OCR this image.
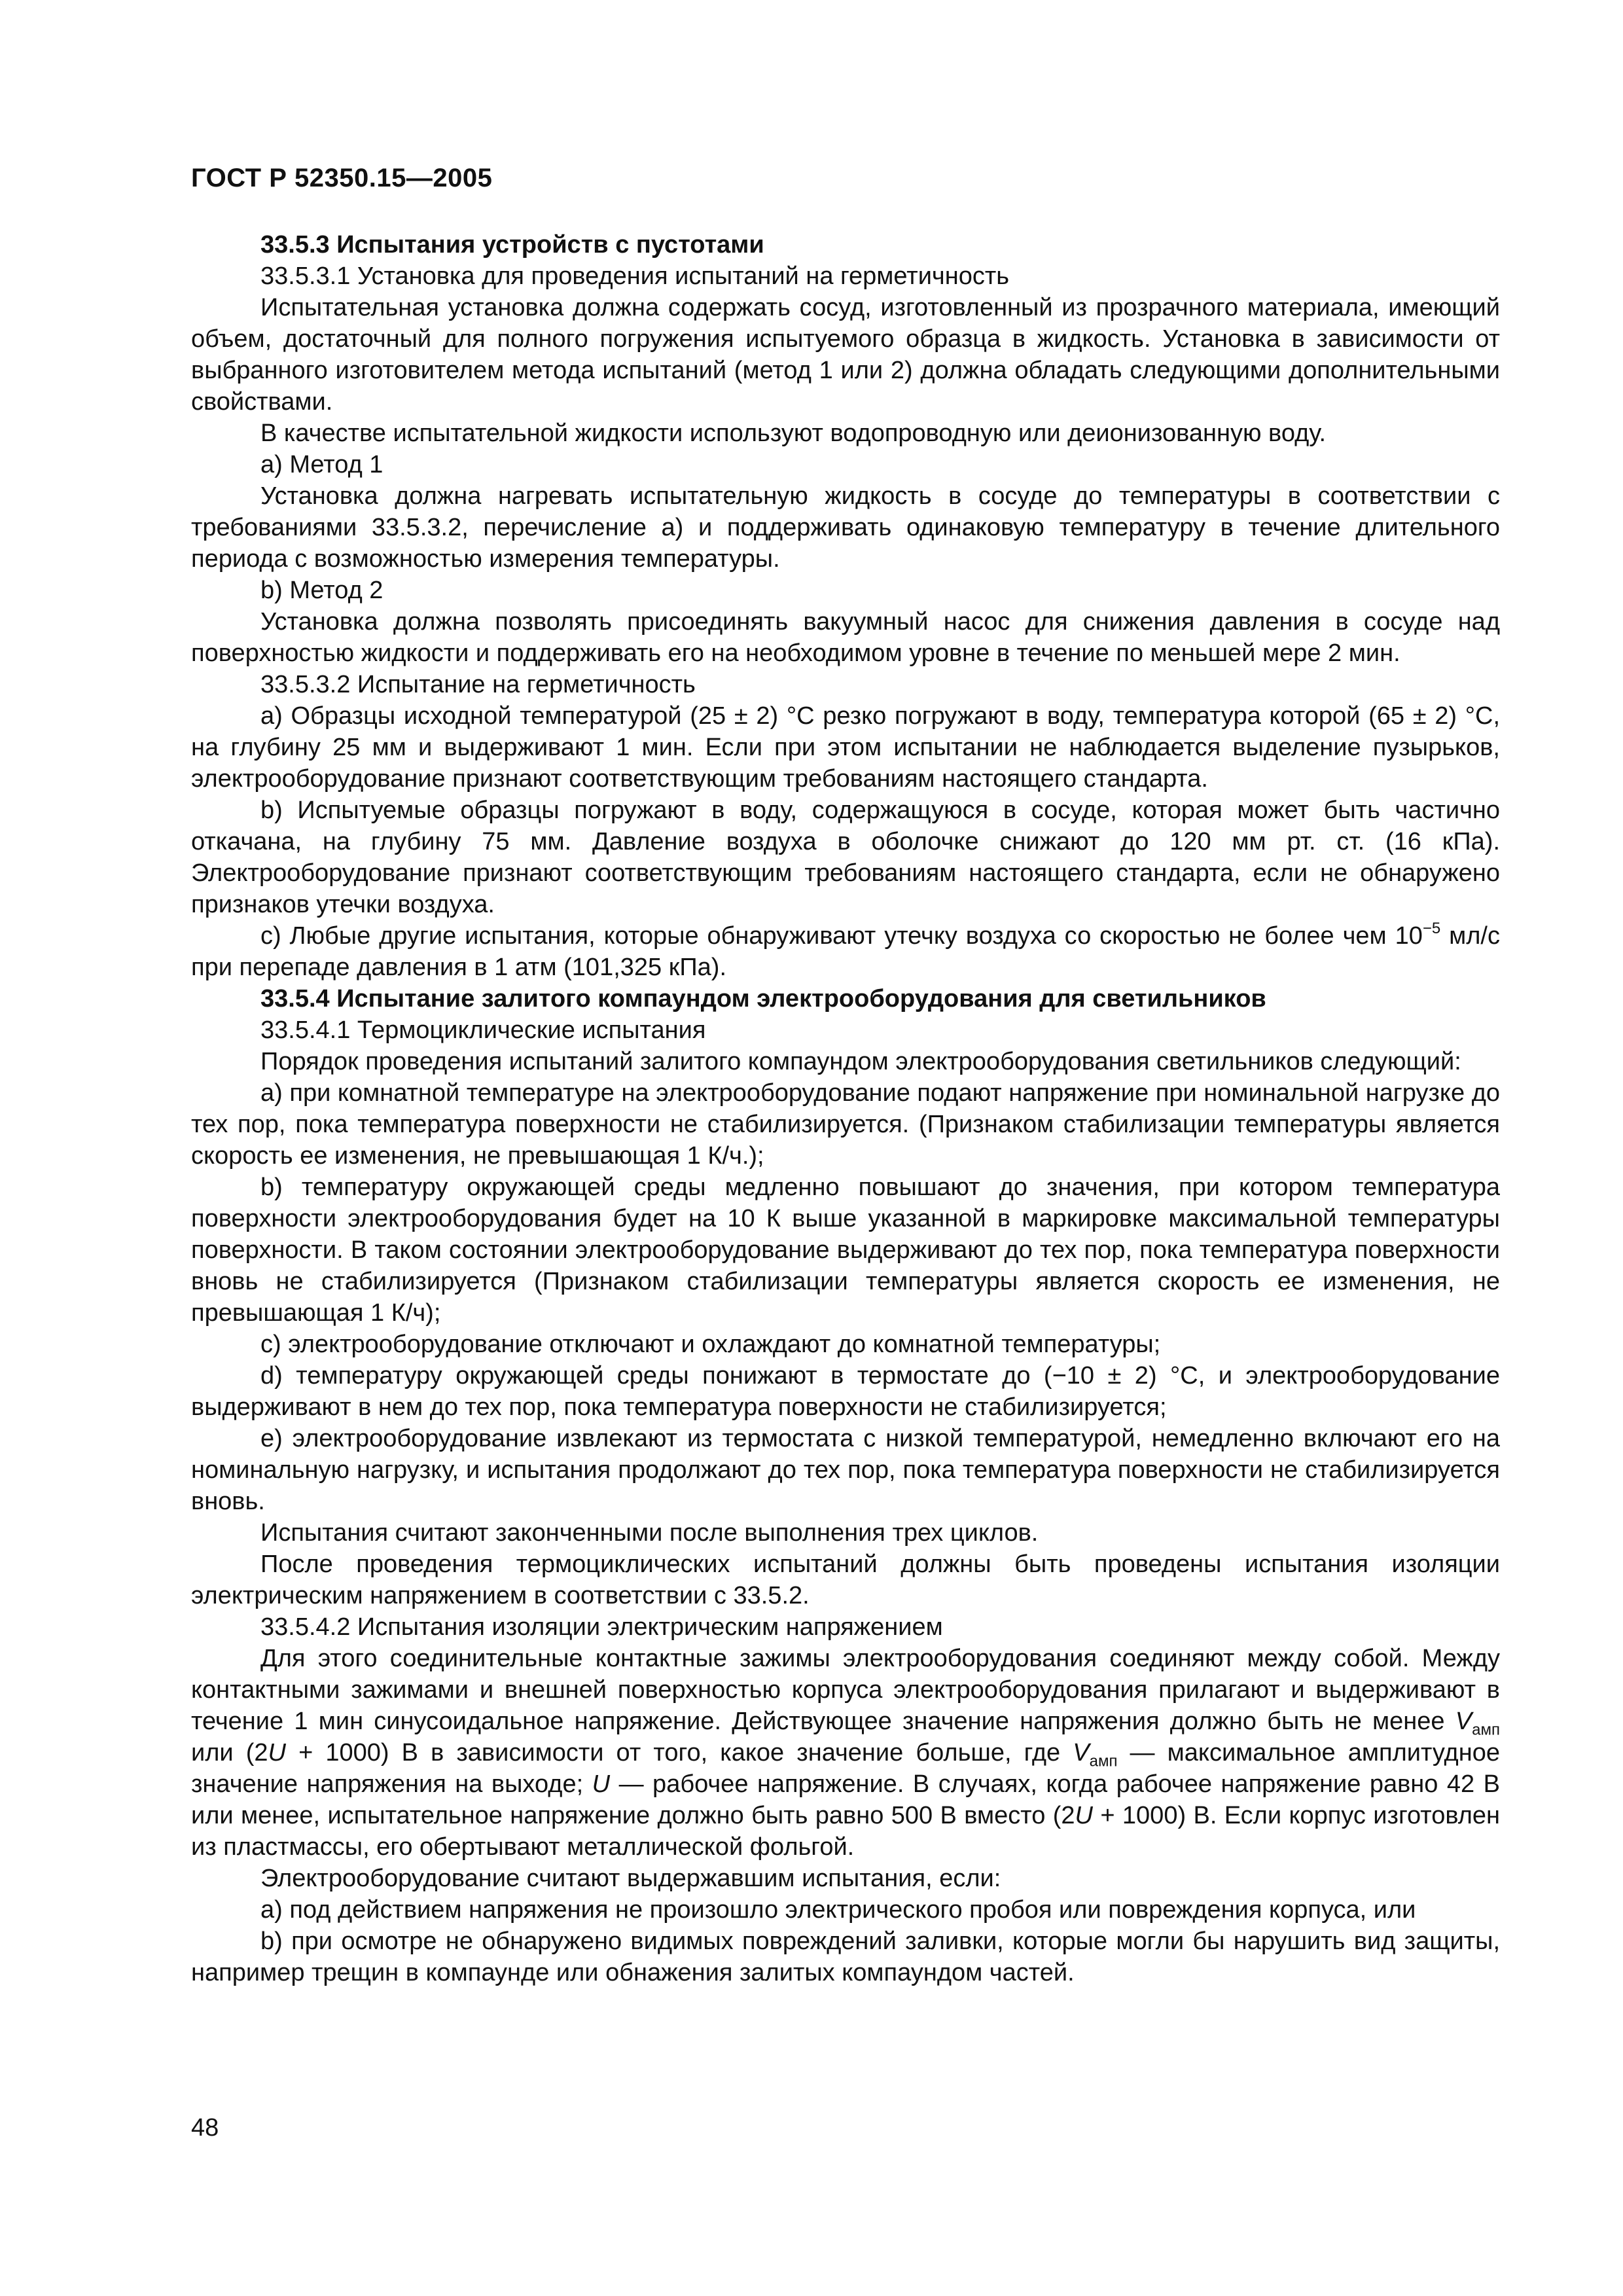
ГОСТ Р 52350.15—2005

33.5.3 Испытания устройств с пустотами

33.5.3.1 Установка для проведения испытаний на герметичность

Испытательная установка должна содержать сосуд, изготовленный из прозрачного материала, имеющий объем, достаточный для полного погружения испытуемого образца в жидкость. Установка в зависимости от выбранного изготовителем метода испытаний (метод 1 или 2) должна обладать следующими дополнительными свойствами.

В качестве испытательной жидкости используют водопроводную или деионизованную воду.

а) Метод 1

Установка должна нагревать испытательную жидкость в сосуде до температуры в соответствии с требованиями 33.5.3.2, перечисление а) и поддерживать одинаковую температуру в течение длительного периода с возможностью измерения температуры.

b) Метод 2

Установка должна позволять присоединять вакуумный насос для снижения давления в сосуде над поверхностью жидкости и поддерживать его на необходимом уровне в течение по меньшей мере 2 мин.

33.5.3.2 Испытание на герметичность

а) Образцы исходной температурой (25 ± 2) °С резко погружают в воду, температура которой (65 ± 2) °С, на глубину 25 мм и выдерживают 1 мин. Если при этом испытании не наблюдается выделение пузырьков, электрооборудование признают соответствующим требованиям настоящего стандарта.

b) Испытуемые образцы погружают в воду, содержащуюся в сосуде, которая может быть частично откачана, на глубину 75 мм. Давление воздуха в оболочке снижают до 120 мм рт. ст. (16 кПа). Электрооборудование признают соответствующим требованиям настоящего стандарта, если не обнаружено признаков утечки воздуха.

с) Любые другие испытания, которые обнаруживают утечку воздуха со скоростью не более чем $10^{-5}$ мл/с при перепаде давления в 1 атм (101,325 кПа).

33.5.4 Испытание залитого компаундом электрооборудования для светильников

33.5.4.1 Термоциклические испытания

Порядок проведения испытаний залитого компаундом электрооборудования светильников следующий:

а) при комнатной температуре на электрооборудование подают напряжение при номинальной нагрузке до тех пор, пока температура поверхности не стабилизируется. (Признаком стабилизации температуры является скорость ее изменения, не превышающая 1 К/ч.);

b) температуру окружающей среды медленно повышают до значения, при котором температура поверхности электрооборудования будет на 10 К выше указанной в маркировке максимальной температуры поверхности. В таком состоянии электрооборудование выдерживают до тех пор, пока температура поверхности вновь не стабилизируется (Признаком стабилизации температуры является скорость ее изменения, не превышающая 1 К/ч);

с) электрооборудование отключают и охлаждают до комнатной температуры;

d) температуру окружающей среды понижают в термостате до (−10 ± 2) °С, и электрооборудование выдерживают в нем до тех пор, пока температура поверхности не стабилизируется;

е) электрооборудование извлекают из термостата с низкой температурой, немедленно включают его на номинальную нагрузку, и испытания продолжают до тех пор, пока температура поверхности не стабилизируется вновь.

Испытания считают законченными после выполнения трех циклов.

После проведения термоциклических испытаний должны быть проведены испытания изоляции электрическим напряжением в соответствии с 33.5.2.

33.5.4.2 Испытания изоляции электрическим напряжением

Для этого соединительные контактные зажимы электрооборудования соединяют между собой. Между контактными зажимами и внешней поверхностью корпуса электрооборудования прилагают и выдерживают в течение 1 мин синусоидальное напряжение. Действующее значение напряжения должно быть не менее $V_{амп}$ или (2U + 1000) В в зависимости от того, какое значение больше, где $V_{амп}$ — максимальное амплитудное значение напряжения на выходе; U — рабочее напряжение. В случаях, когда рабочее напряжение равно 42 В или менее, испытательное напряжение должно быть равно 500 В вместо (2U + 1000) В. Если корпус изготовлен из пластмассы, его обертывают металлической фольгой.

Электрооборудование считают выдержавшим испытания, если:

а) под действием напряжения не произошло электрического пробоя или повреждения корпуса, или

b) при осмотре не обнаружено видимых повреждений заливки, которые могли бы нарушить вид защиты, например трещин в компаунде или обнажения залитых компаундом частей.

48
